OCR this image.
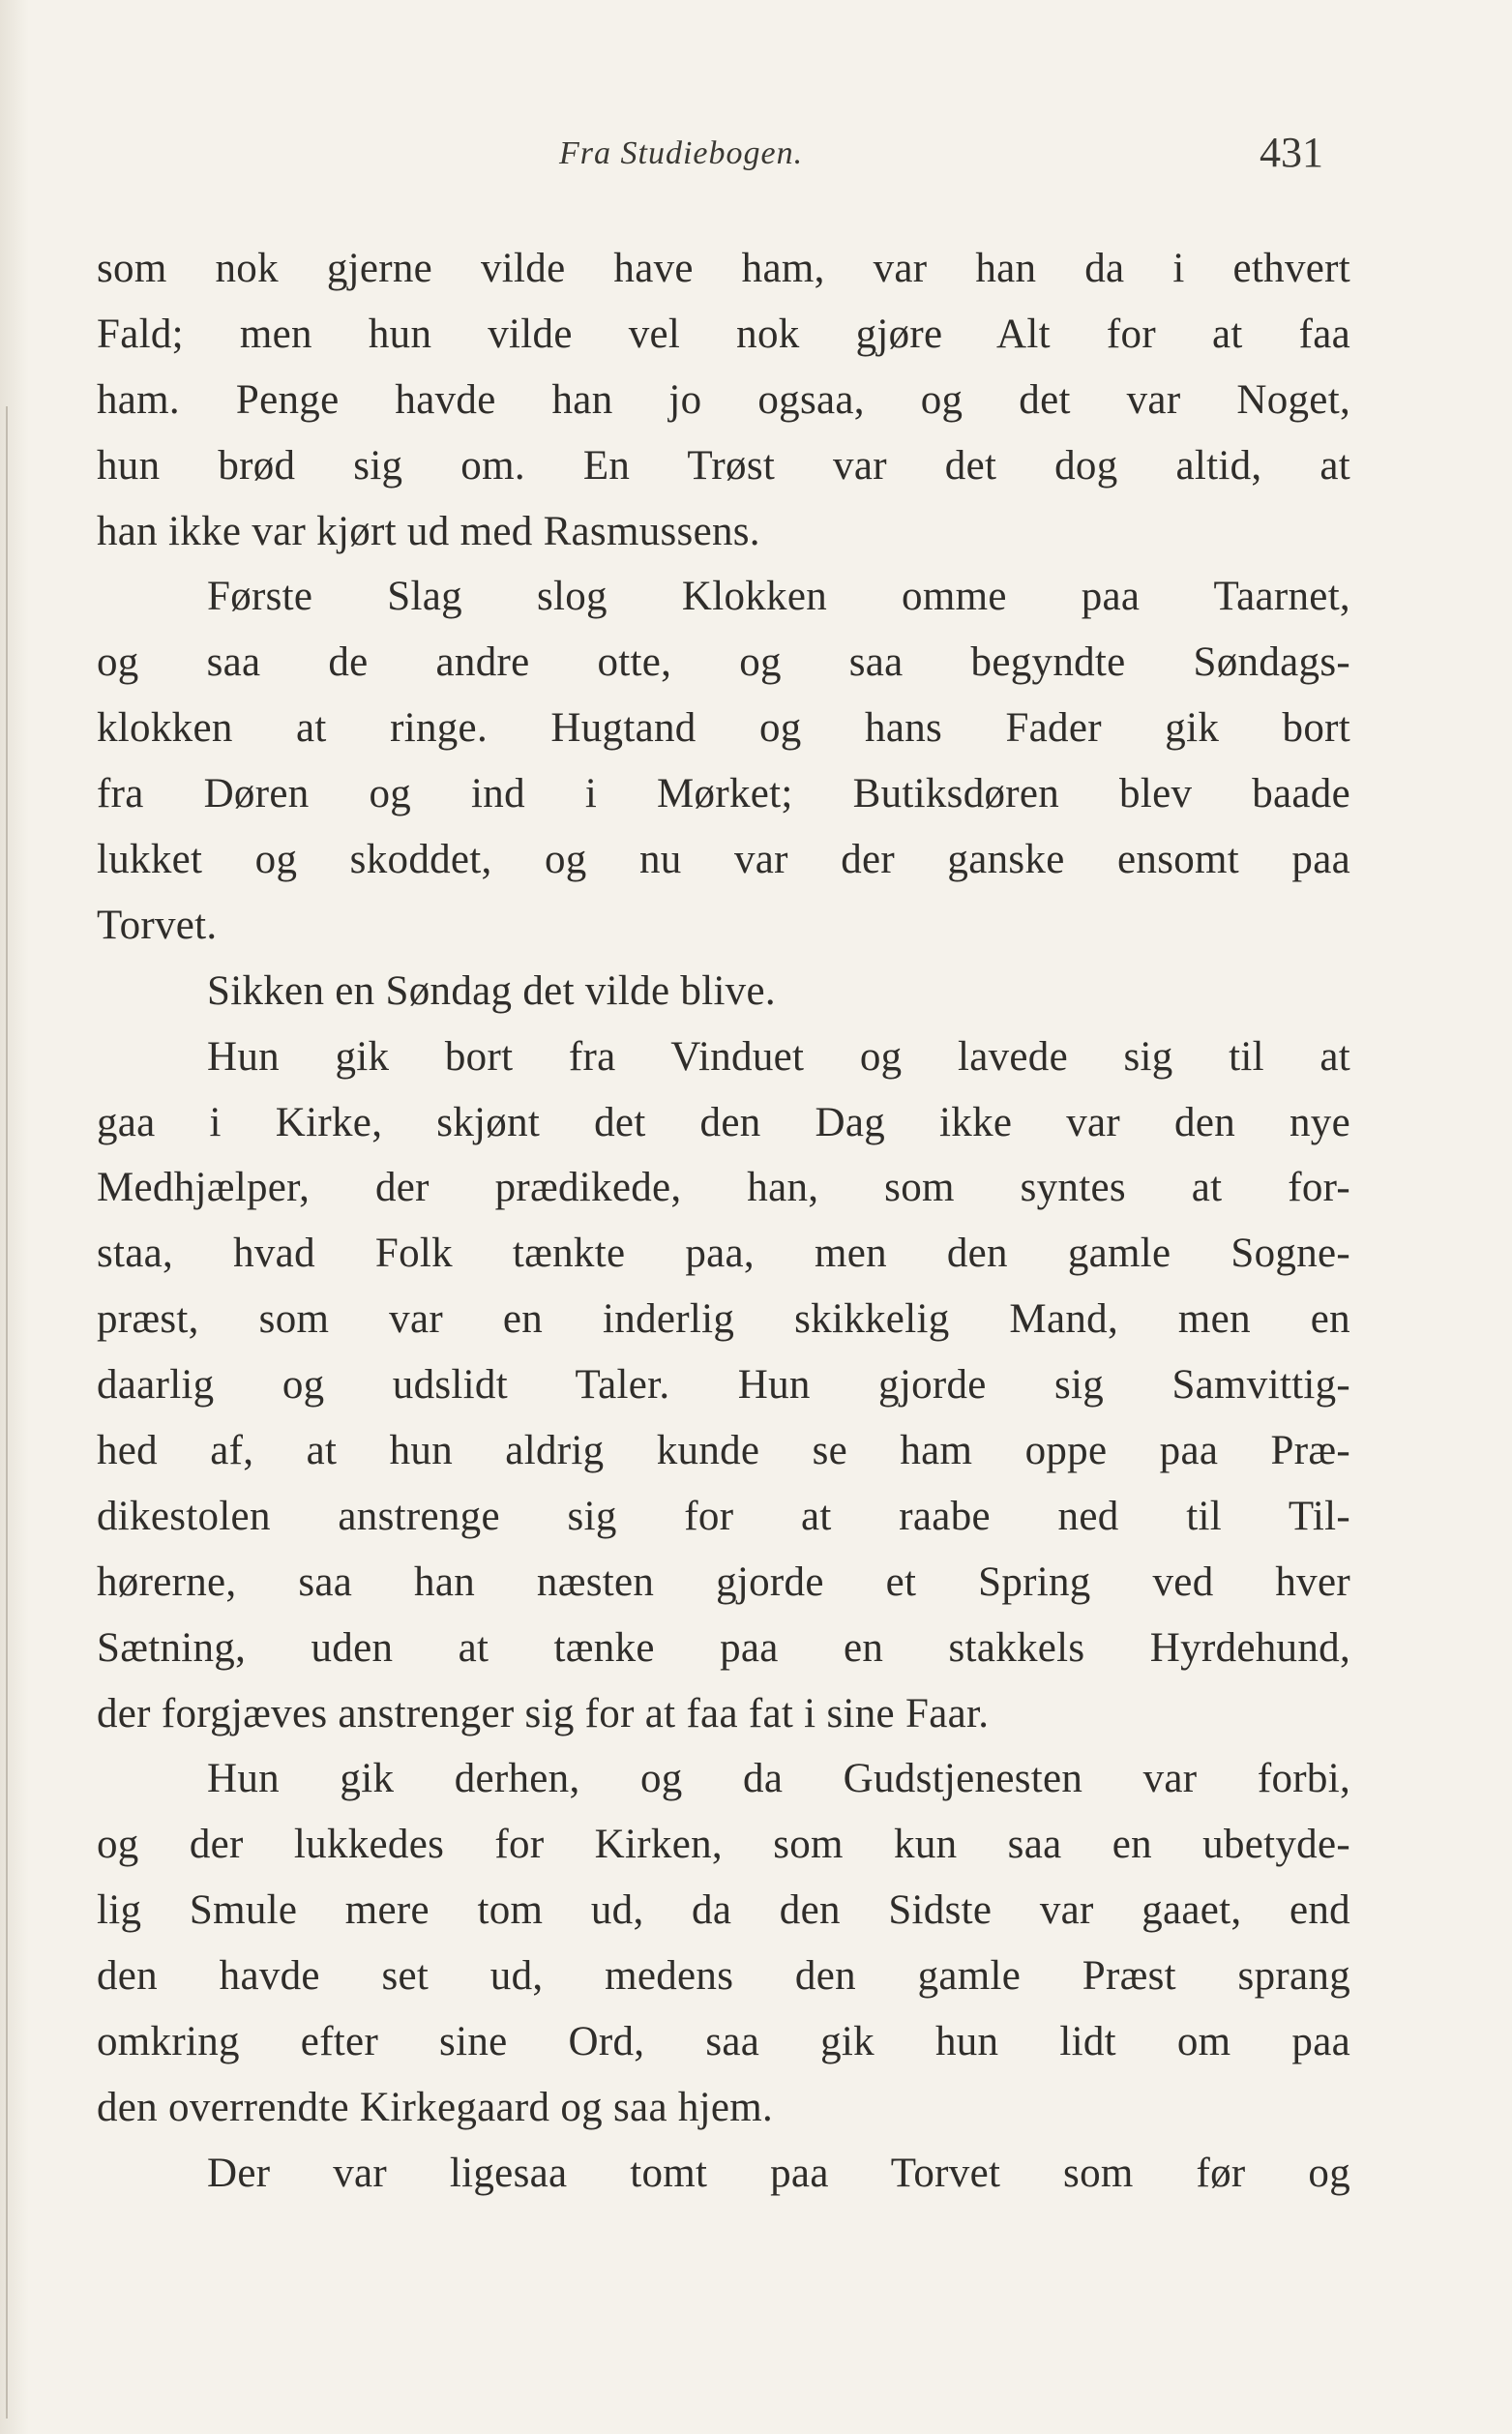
Fra Studiebogen.	431
som nok gjerne vilde have ham, var han da i ethvert
Fald; men hun vilde vel nok gjøre Alt for at faa
ham. Penge havde han jo ogsaa, og det var Noget,
hun brød sig om. En Trøst var det dog altid, at
han ikke var kjørt ud med Rasmussens.
Første Slag slog Klokken omme paa Taarnet,
og saa de andre otte, og saa begyndte Søndags-
klokken at ringe. Hugtand og hans Fader gik bort
fra Døren og ind i Mørket; Butiksdøren blev baade
lukket og skoddet, og nu var der ganske ensomt paa
Torvet.
Sikken en Søndag det vilde blive.
Hun gik bort fra Vinduet og lavede sig til at
gaa i Kirke, skjønt det den Dag ikke var den nye
Medhjælper, der prædikede, han, som syntes at for-
staa, hvad Folk tænkte paa, men den gamle Sogne-
præst, som var en inderlig skikkelig Mand, men en
daarlig og udslidt Taler. Hun gjorde sig Samvittig-
hed af, at hun aldrig kunde se ham oppe paa Præ-
dikestolen anstrenge sig for at raabe ned til Til-
hørerne, saa han næsten gjorde et Spring ved hver
Sætning, uden at tænke paa en stakkels Hyrdehund,
der forgjæves anstrenger sig for at faa fat i sine Faar.
Hun gik derhen, og da Gudstjenesten var forbi,
og der lukkedes for Kirken, som kun saa en ubetyde-
lig Smule mere tom ud, da den Sidste var gaaet, end
den havde set ud, medens den gamle Præst sprang
omkring efter sine Ord, saa gik hun lidt om paa
den overrendte Kirkegaard og saa hjem.
Der var ligesaa tomt paa Torvet som før og
